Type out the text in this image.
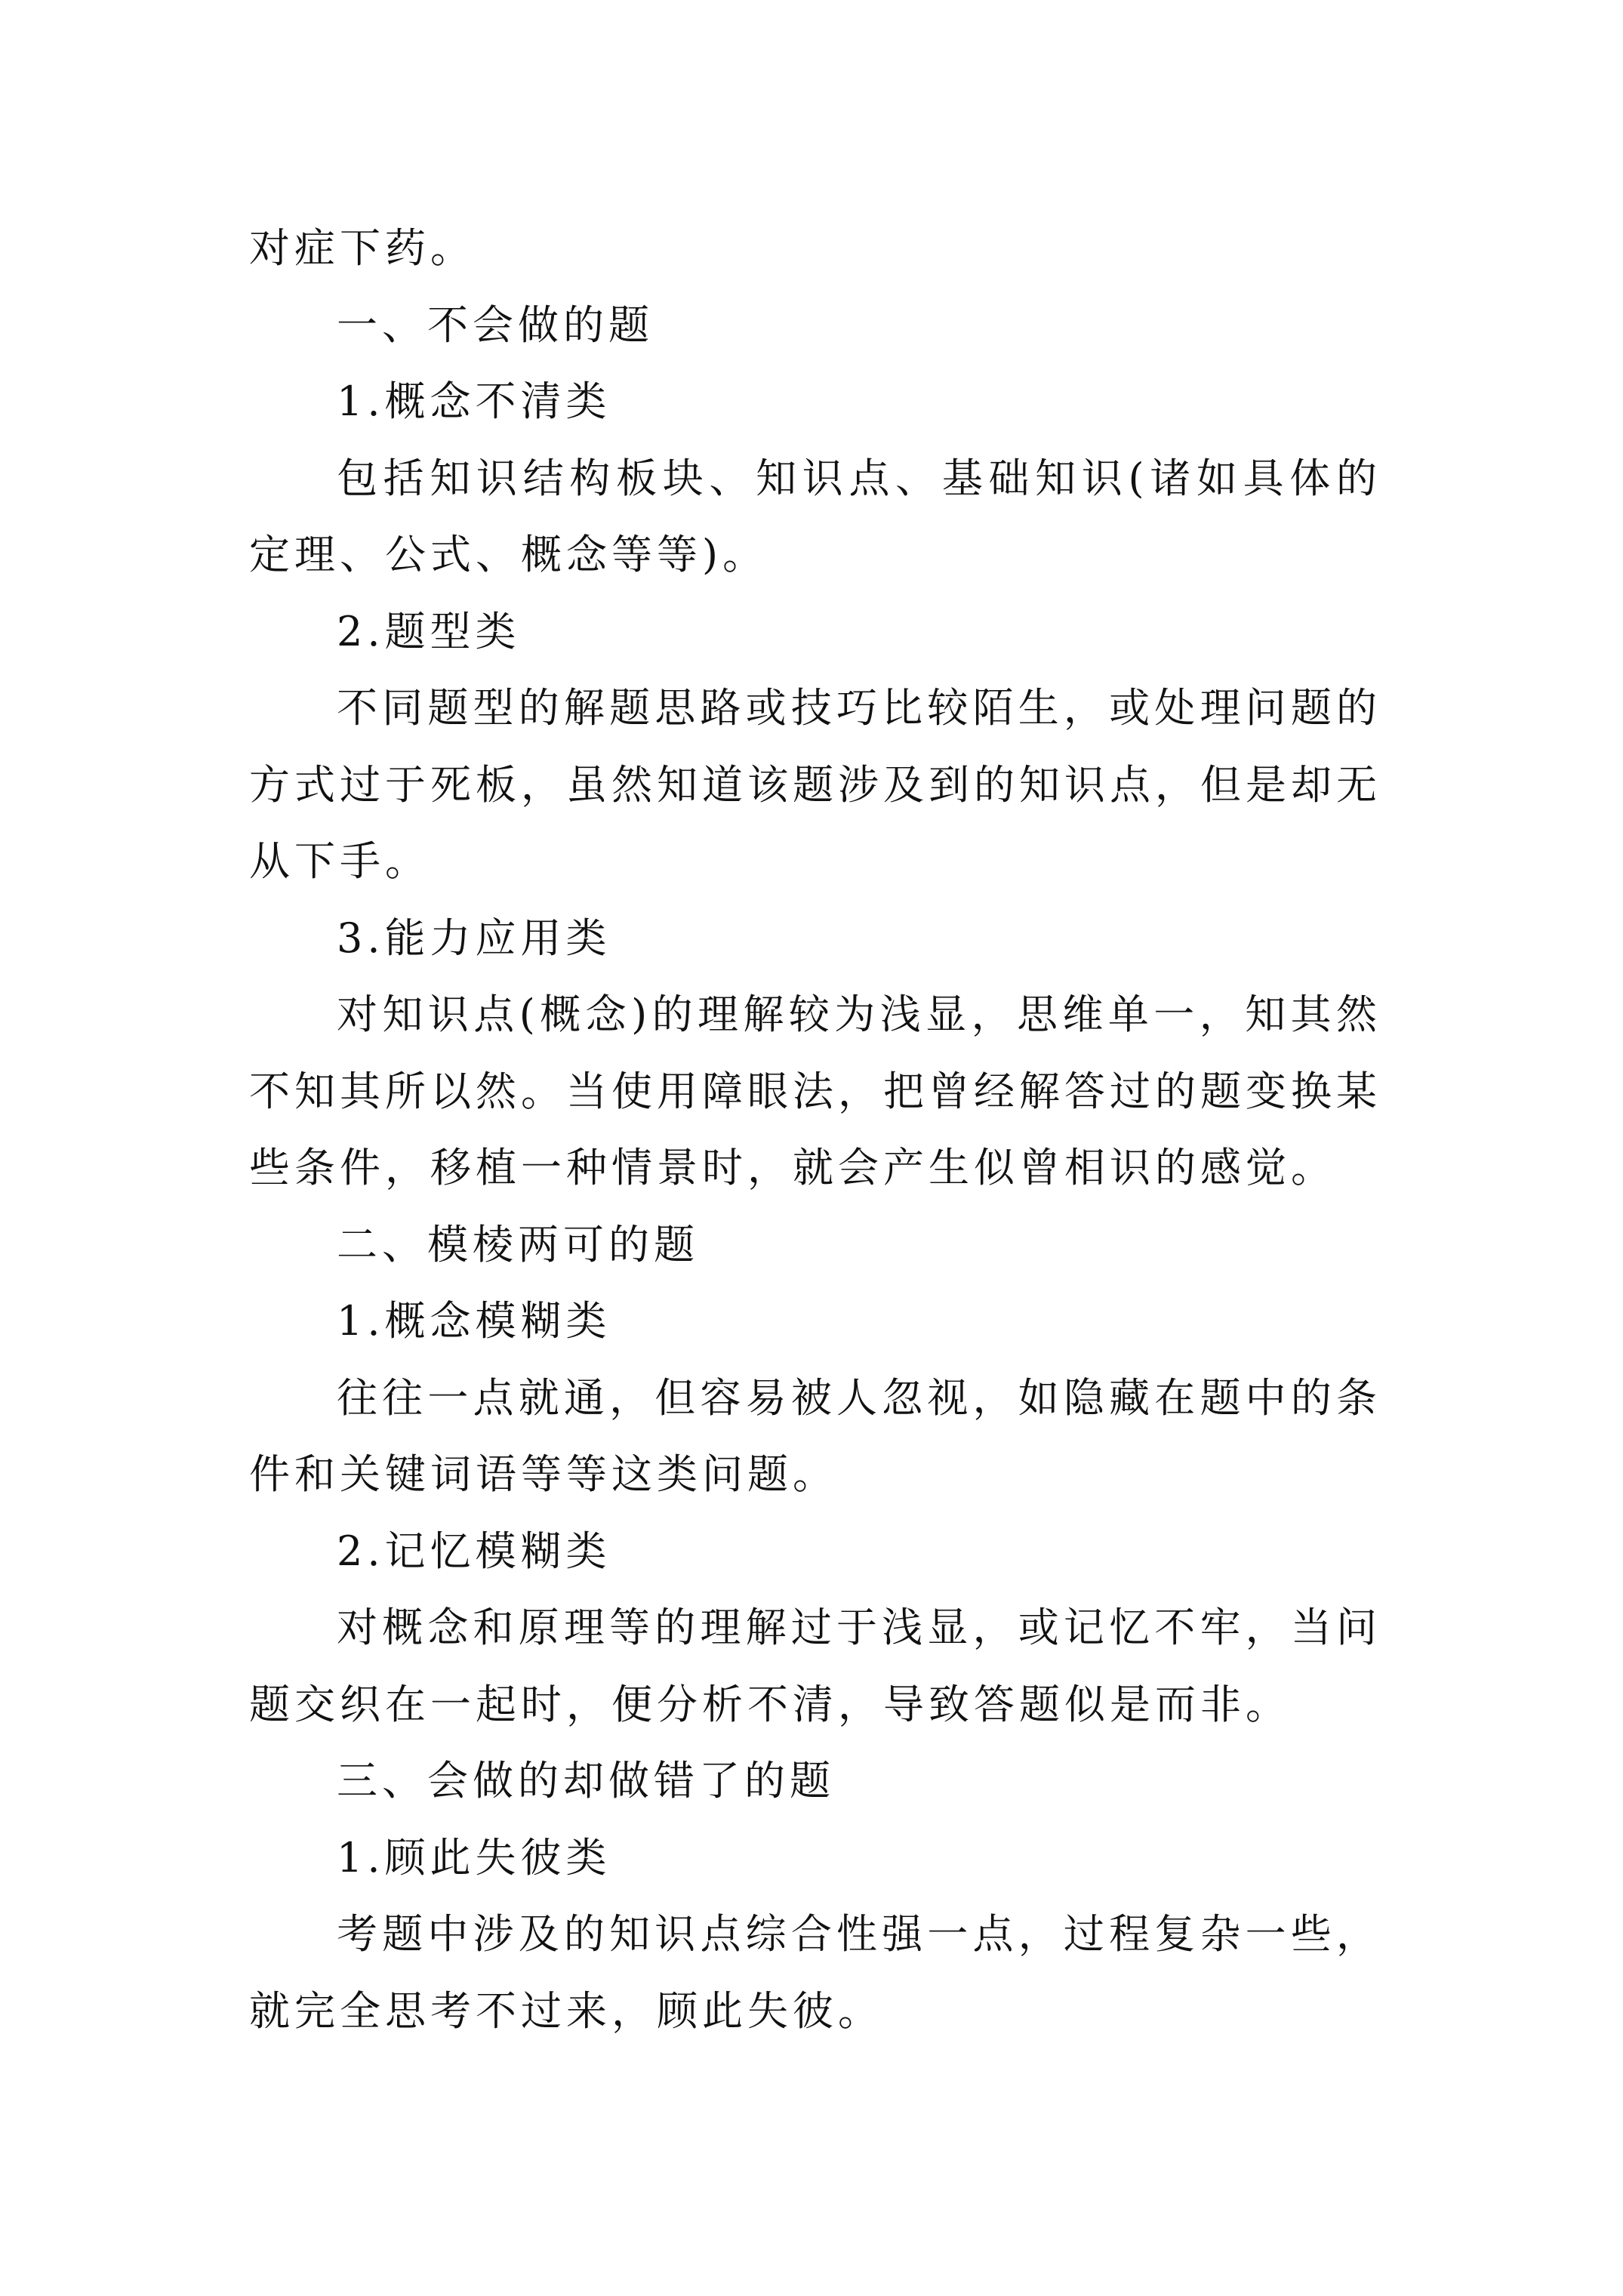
对症下药。

一、不会做的题

1.概念不清类

包括知识结构板块、知识点、基础知识(诸如具体的定理、公式、概念等等)。

2.题型类

不同题型的解题思路或技巧比较陌生，或处理问题的方式过于死板，虽然知道该题涉及到的知识点，但是却无从下手。

3.能力应用类

对知识点(概念)的理解较为浅显，思维单一，知其然不知其所以然。当使用障眼法，把曾经解答过的题变换某些条件，移植一种情景时，就会产生似曾相识的感觉。

二、模棱两可的题

1.概念模糊类

往往一点就通，但容易被人忽视，如隐藏在题中的条件和关键词语等等这类问题。

2.记忆模糊类

对概念和原理等的理解过于浅显，或记忆不牢，当问题交织在一起时，便分析不清，导致答题似是而非。

三、会做的却做错了的题

1.顾此失彼类

考题中涉及的知识点综合性强一点，过程复杂一些，就完全思考不过来，顾此失彼。
